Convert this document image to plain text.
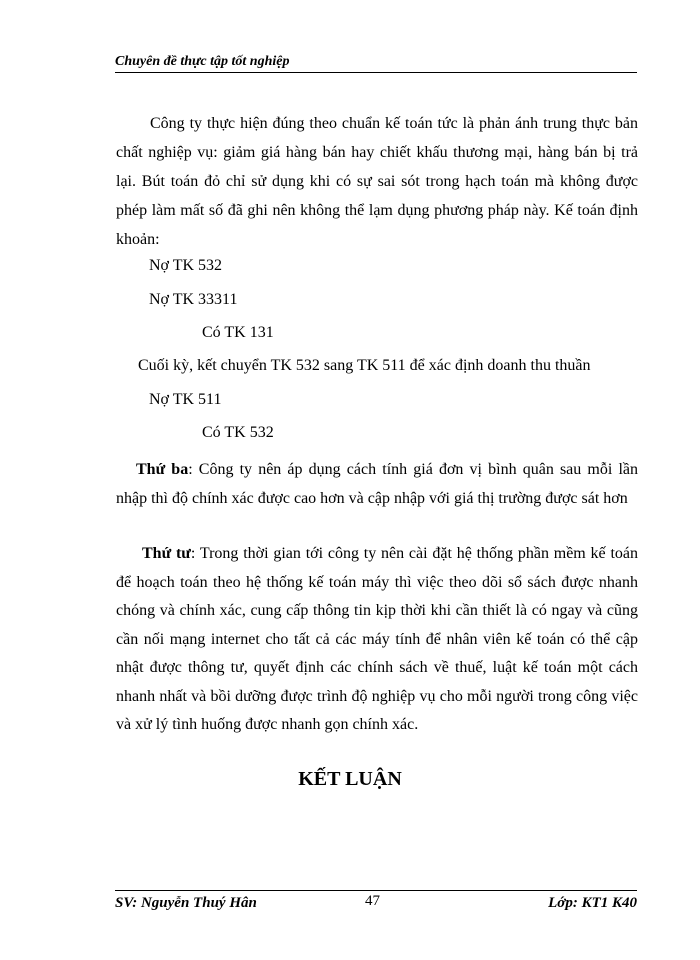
Chuyên đề thực tập tốt nghiệp
Công ty thực hiện đúng theo chuẩn kế toán tức là phản ánh trung thực bản chất nghiệp vụ: giảm giá hàng bán hay chiết khấu thương mại, hàng bán bị trả lại. Bút toán đỏ chỉ sử dụng khi có sự sai sót trong hạch toán mà không được phép làm mất số đã ghi nên không thể lạm dụng phương pháp này. Kế toán định khoản:
Nợ TK 532
Nợ TK 33311
Có TK 131
Cuối kỳ, kết chuyển TK 532 sang TK 511 để xác định doanh thu thuần
Nợ TK 511
Có TK 532
Thứ ba: Công ty nên áp dụng cách tính giá đơn vị bình quân sau mỗi lần nhập thì độ chính xác được cao hơn và cập nhập với giá thị trường được sát hơn
Thứ tư: Trong thời gian tới công ty nên cài đặt hệ thống phần mềm kế toán để hoạch toán theo hệ thống kế toán máy thì việc theo dõi sổ sách được nhanh chóng và chính xác, cung cấp thông tin kịp thời khi cần thiết là có ngay và cũng cần nối mạng internet cho tất cả các máy tính để nhân viên kế toán có thể cập nhật được thông tư, quyết định các chính sách về thuế, luật kế toán một cách nhanh nhất và bồi dưỡng được trình độ nghiệp vụ cho mỗi người trong công việc và xử lý tình huống được nhanh gọn chính xác.
KẾT LUẬN
SV: Nguyễn Thuý Hân	47	Lớp: KT1 K40
